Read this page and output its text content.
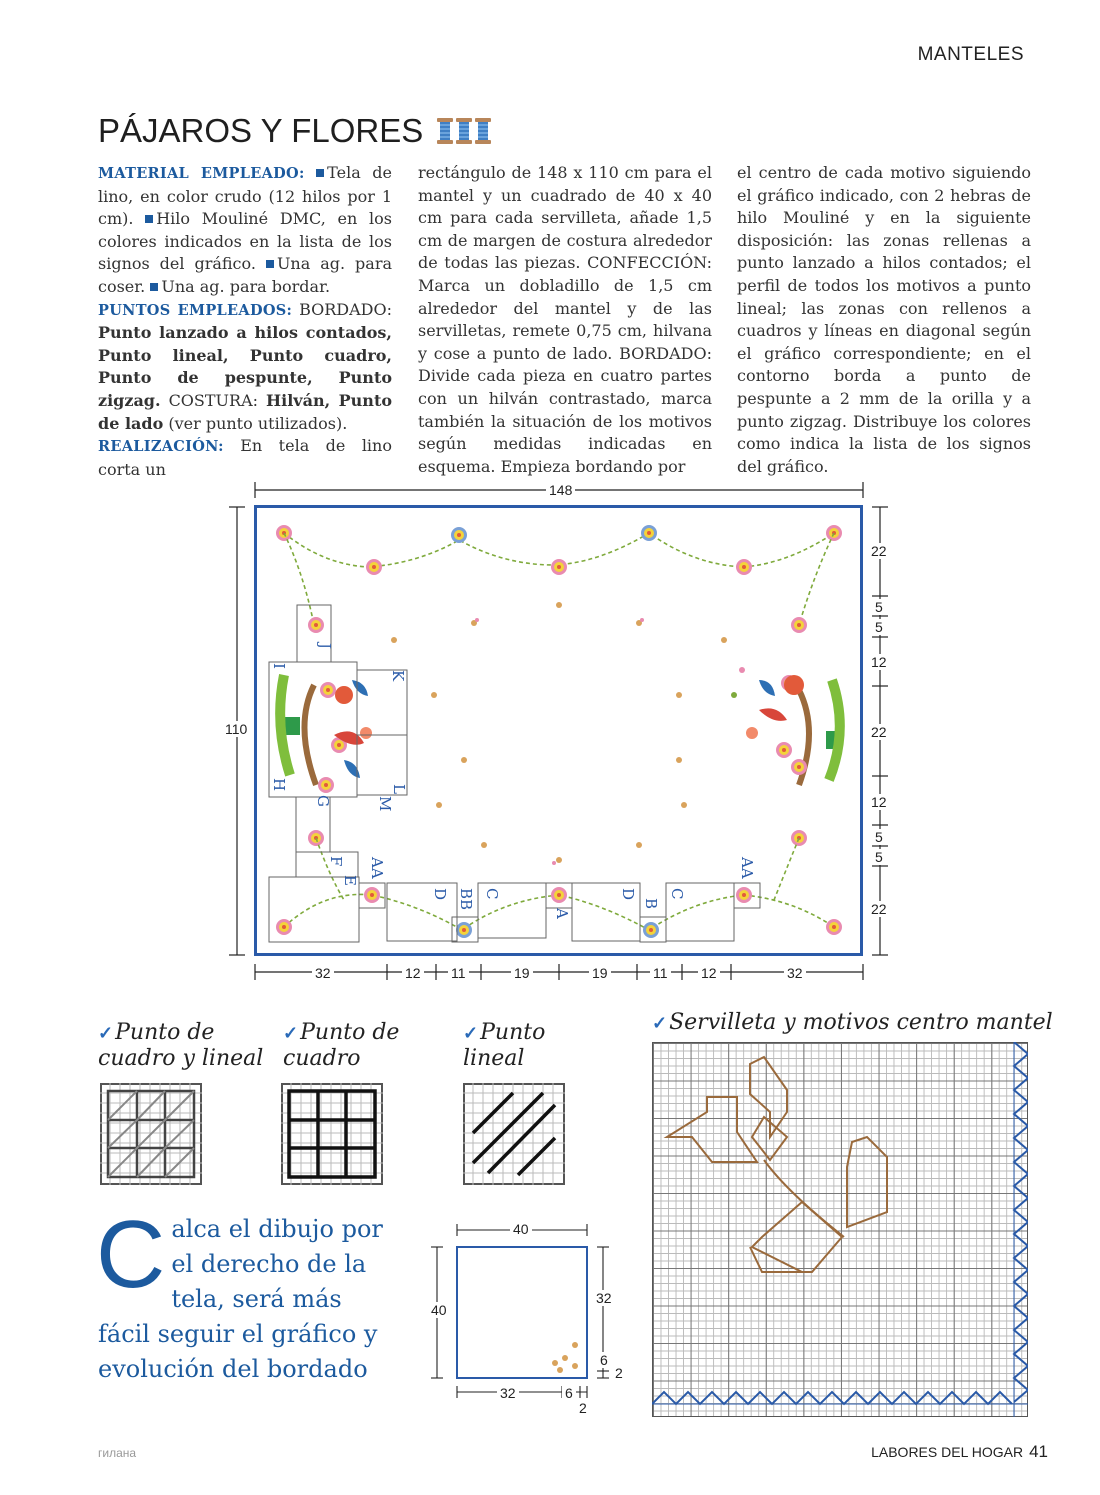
MANTELES
PÁJAROS Y FLORES

MATERIAL EMPLEADO: Tela de lino, en color crudo (12 hilos por 1 cm). Hilo Mouliné DMC, en los colores indicados en la lista de los signos del gráfico. Una ag. para coser. Una ag. para bordar.

PUNTOS EMPLEADOS: BORDADO: Punto lanzado a hilos contados, Punto lineal, Punto cuadro, Punto de pespunte, Punto zigzag. COSTURA: Hilván, Punto de lado (ver punto utilizados).

REALIZACIÓN: En tela de lino corta un

rectángulo de 148 x 110 cm para el mantel y un cuadrado de 40 x 40 cm para cada servilleta, añade 1,5 cm de margen de costura alrededor de todas las piezas. CONFECCIÓN: Marca un dobladillo de 1,5 cm alrededor del mantel y de las servilletas, remete 0,75 cm, hilvana y cose a punto de lado. BORDADO: Divide cada pieza en cuatro partes con un hilván contrastado, marca también la situación de los motivos según medidas indicadas en esquema. Empieza bordando por
el centro de cada motivo siguiendo el gráfico indicado, con 2 hebras de hilo Mouliné y en la siguiente disposición: las zonas rellenas a punto lanzado a hilos contados; el perfil de todos los motivos a punto lineal; las zonas con rellenos a cuadros y líneas en diagonal según el gráfico correspondiente; en el contorno borda a punto de pespunte a 2 mm de la orilla y a punto zigzag. Distribuye los colores como indica la lista de los signos del gráfico.
148
110
22
5
5
12
22
12
5
5
22
32	12 11	19	19	11 12	32
J
I
K
H
G
L
M
F
E
AA
D BB C
A
D
B
C
AA
✓Punto de
cuadro y lineal
✓Punto de
cuadro
✓Punto
lineal
✓Servilleta y motivos centro mantel
C alca el dibujo por el derecho de la tela, será más fácil seguir el gráfico y evolución del bordado
40
40
32
6
2
32	6
2
гилана	LABORES DEL HOGAR 41
